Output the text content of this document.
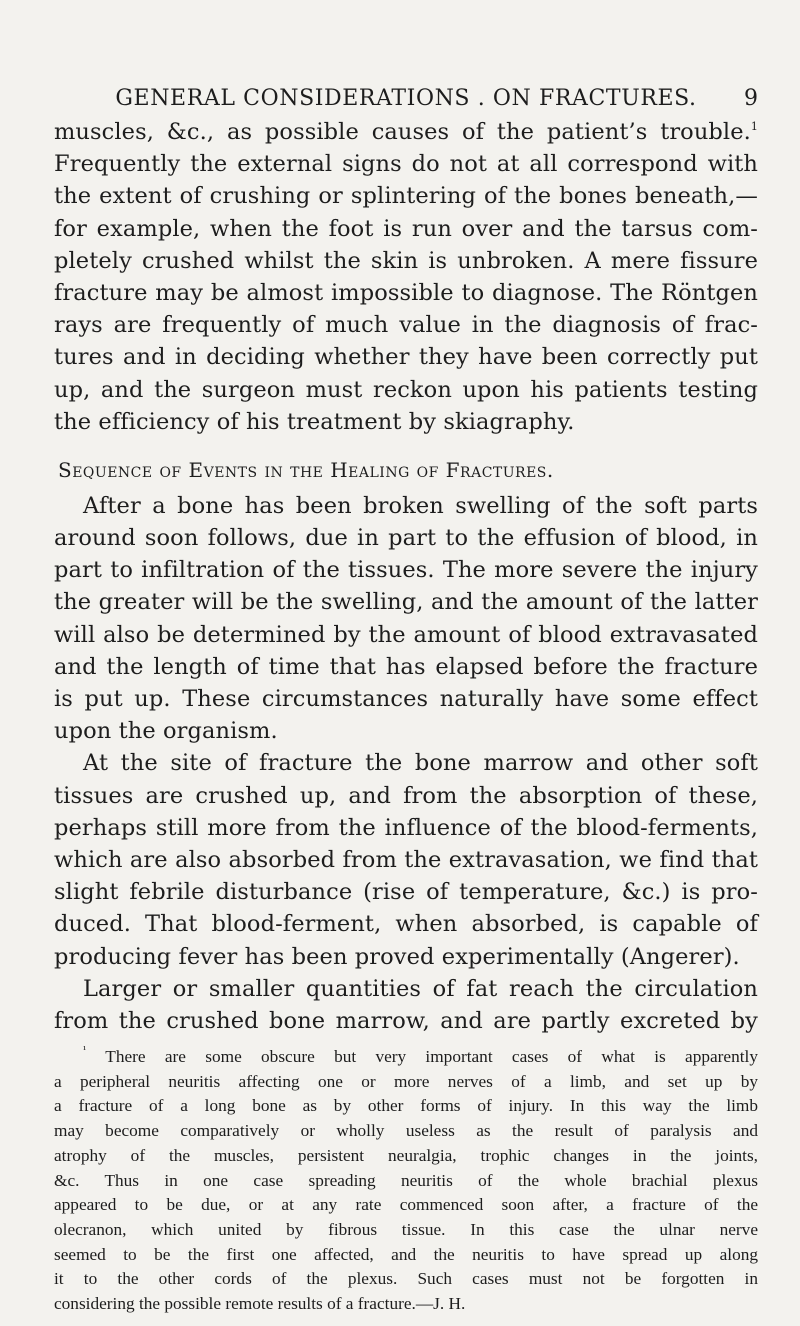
GENERAL CONSIDERATIONS . ON FRACTURES.	9
muscles, &c., as possible causes of the patient’s trouble.$^1$
Frequently the external signs do not at all correspond with
the extent of crushing or splintering of the bones beneath,—
for example, when the foot is run over and the tarsus com-
pletely crushed whilst the skin is unbroken. A mere fissure
fracture may be almost impossible to diagnose. The Röntgen
rays are frequently of much value in the diagnosis of frac-
tures and in deciding whether they have been correctly put
up, and the surgeon must reckon upon his patients testing
the efficiency of his treatment by skiagraphy.
Sequence of Events in the Healing of Fractures.
After a bone has been broken swelling of the soft parts
around soon follows, due in part to the effusion of blood, in
part to infiltration of the tissues. The more severe the injury
the greater will be the swelling, and the amount of the latter
will also be determined by the amount of blood extravasated
and the length of time that has elapsed before the fracture
is put up. These circumstances naturally have some effect
upon the organism.
At the site of fracture the bone marrow and other soft
tissues are crushed up, and from the absorption of these,
perhaps still more from the influence of the blood-ferments,
which are also absorbed from the extravasation, we find that
slight febrile disturbance (rise of temperature, &c.) is pro-
duced. That blood-ferment, when absorbed, is capable of
producing fever has been proved experimentally (Angerer).
Larger or smaller quantities of fat reach the circulation
from the crushed bone marrow, and are partly excreted by
$^{^1}$ There are some obscure but very important cases of what is apparently
a peripheral neuritis affecting one or more nerves of a limb, and set up by
a fracture of a long bone as by other forms of injury. In this way the limb
may become comparatively or wholly useless as the result of paralysis and
atrophy of the muscles, persistent neuralgia, trophic changes in the joints,
&c. Thus in one case spreading neuritis of the whole brachial plexus
appeared to be due, or at any rate commenced soon after, a fracture of the
olecranon, which united by fibrous tissue. In this case the ulnar nerve
seemed to be the first one affected, and the neuritis to have spread up along
it to the other cords of the plexus. Such cases must not be forgotten in
considering the possible remote results of a fracture.—J. H.
